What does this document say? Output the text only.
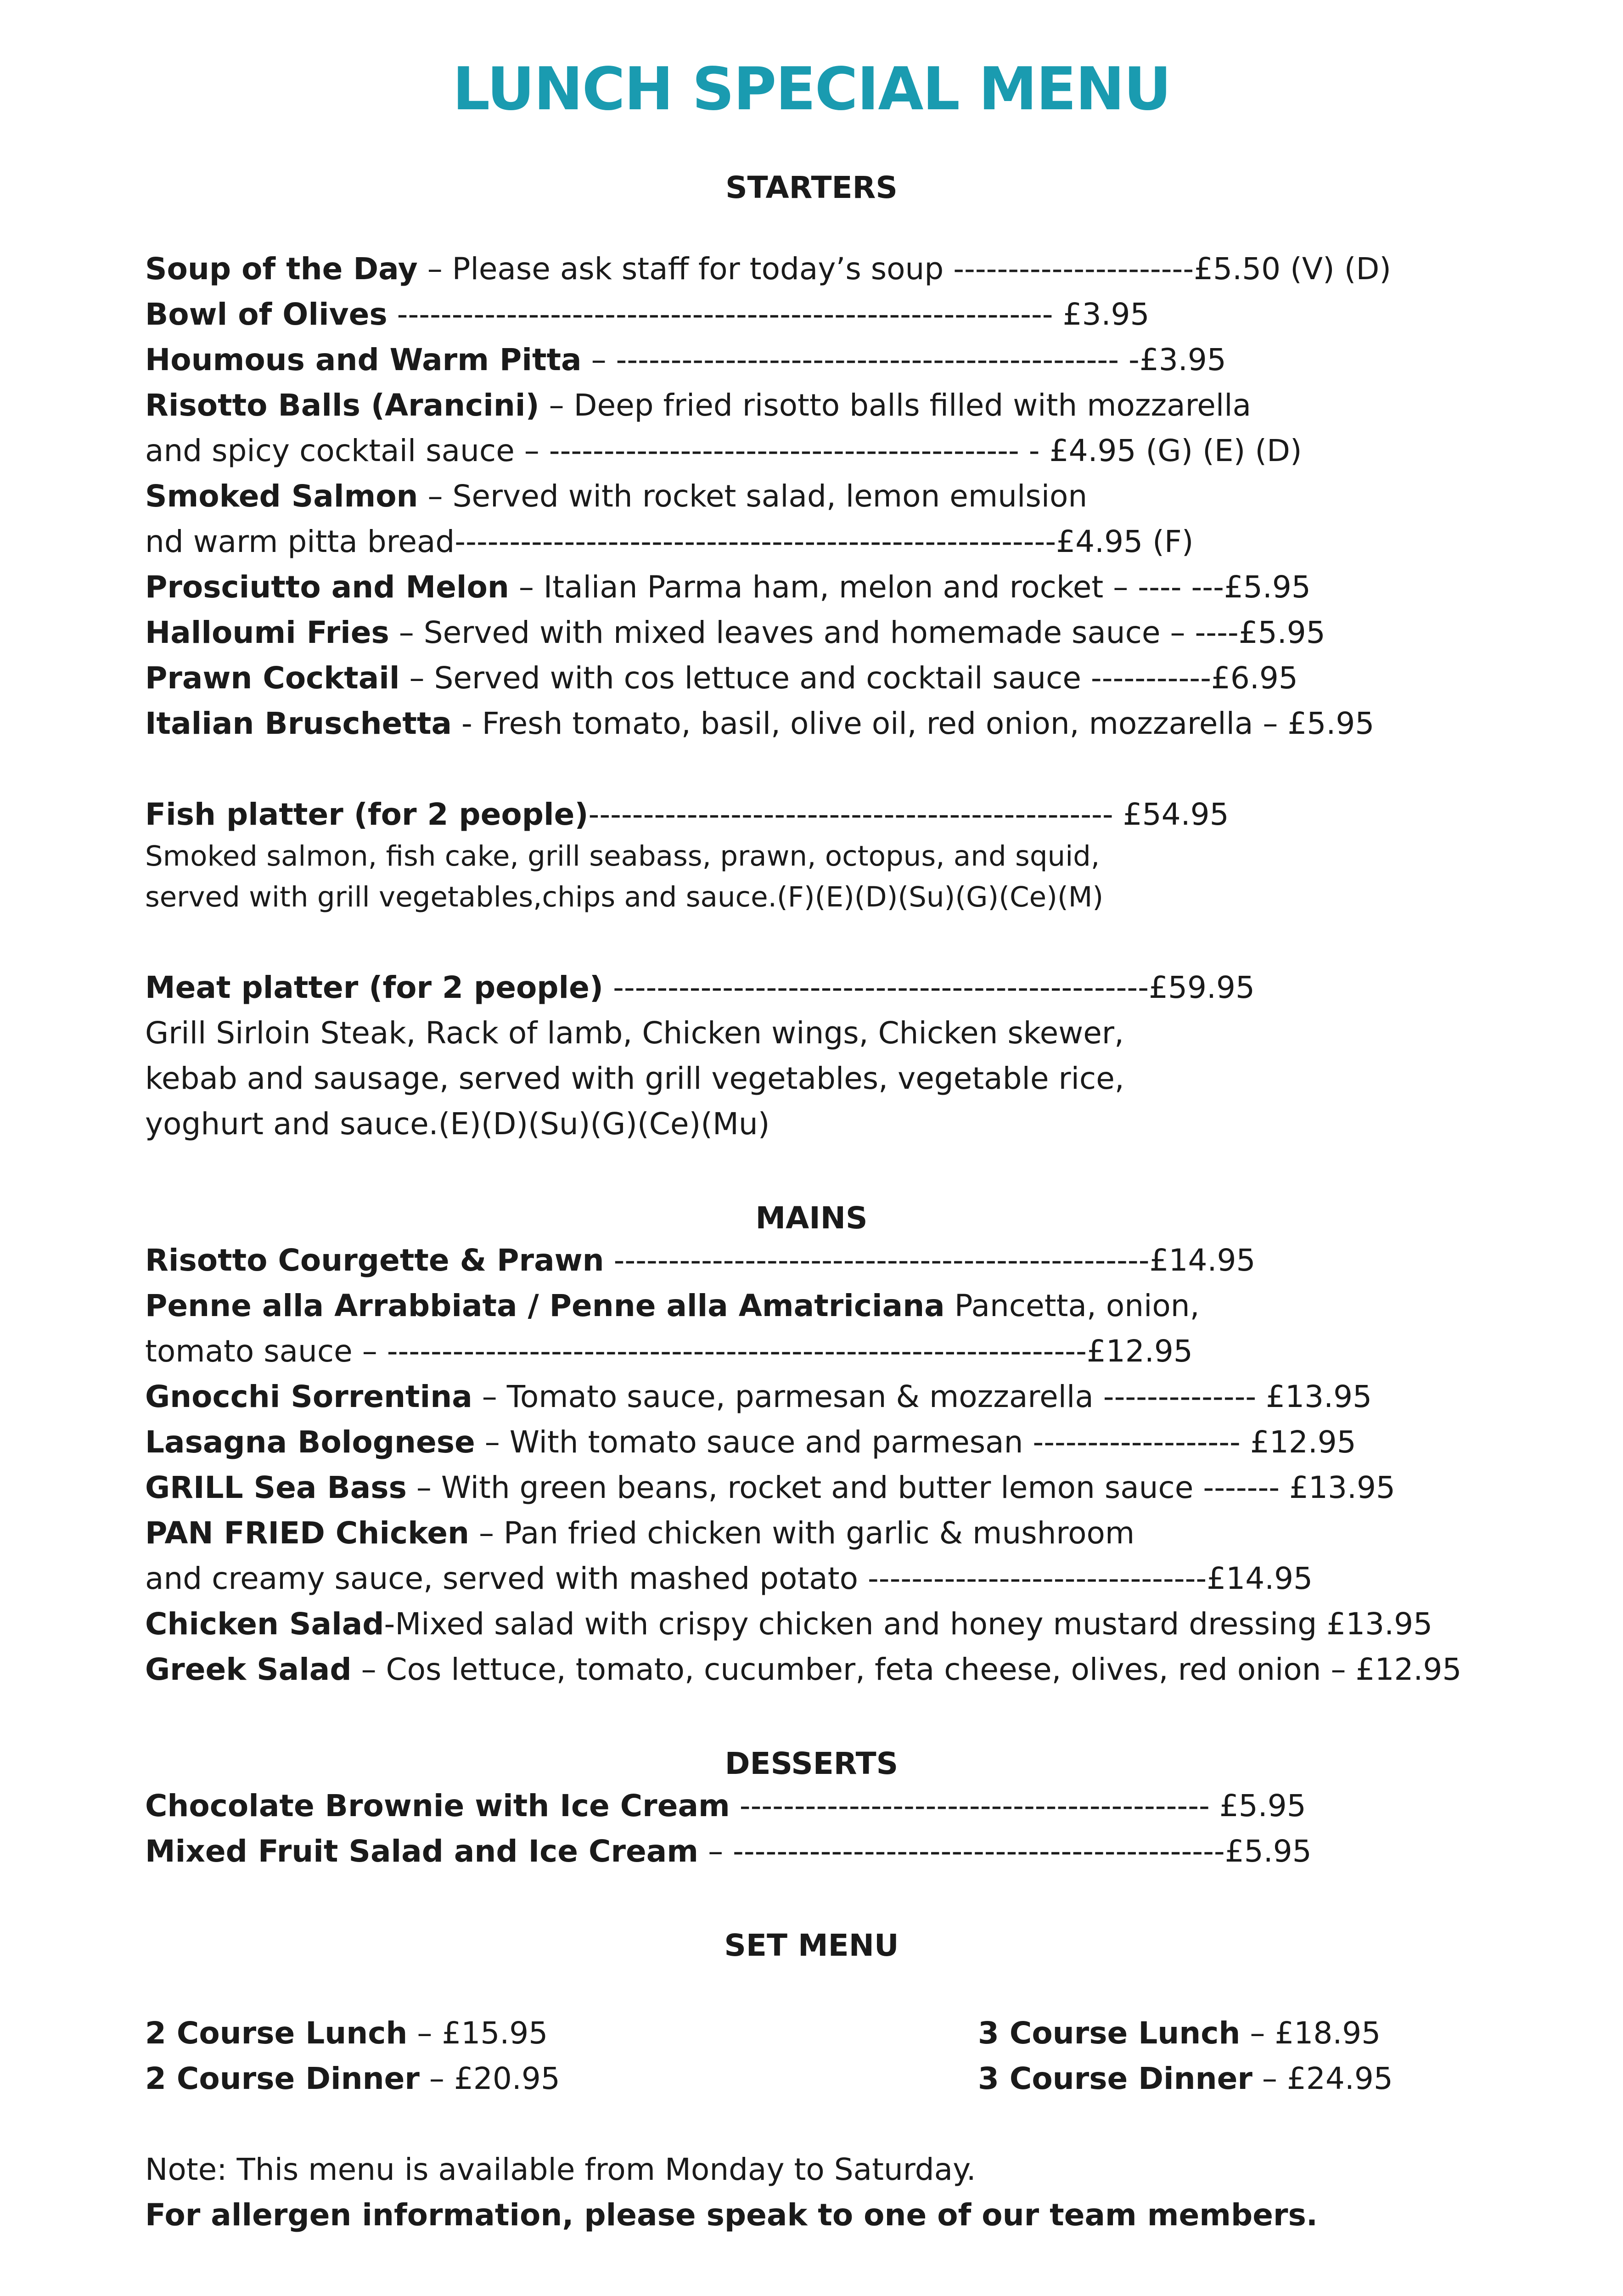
LUNCH SPECIAL MENU
STARTERS
Soup of the Day – Please ask staff for today’s soup ----------------------£5.50 (V) (D)
Bowl of Olives ------------------------------------------------------------ £3.95
Houmous and Warm Pitta – ---------------------------------------------- -£3.95
Risotto Balls (Arancini) – Deep fried risotto balls filled with mozzarella
and spicy cocktail sauce – ------------------------------------------- - £4.95 (G) (E) (D)
Smoked Salmon – Served with rocket salad, lemon emulsion
nd warm pitta bread-------------------------------------------------------£4.95 (F)
Prosciutto and Melon – Italian Parma ham, melon and rocket – ---- ---£5.95
Halloumi Fries – Served with mixed leaves and homemade sauce – ----£5.95
Prawn Cocktail – Served with cos lettuce and cocktail sauce -----------£6.95
Italian Bruschetta - Fresh tomato, basil, olive oil, red onion, mozzarella – £5.95
Fish platter (for 2 people)------------------------------------------------ £54.95
Smoked salmon, fish cake, grill seabass, prawn, octopus, and squid,
served with grill vegetables,chips and sauce.(F)(E)(D)(Su)(G)(Ce)(M)
Meat platter (for 2 people) -------------------------------------------------£59.95
Grill Sirloin Steak, Rack of lamb, Chicken wings, Chicken skewer,
kebab and sausage, served with grill vegetables, vegetable rice,
yoghurt and sauce.(E)(D)(Su)(G)(Ce)(Mu)
MAINS
Risotto Courgette & Prawn -------------------------------------------------£14.95
Penne alla Arrabbiata / Penne alla Amatriciana Pancetta, onion,
tomato sauce – ----------------------------------------------------------------£12.95
Gnocchi Sorrentina – Tomato sauce, parmesan & mozzarella -------------- £13.95
Lasagna Bolognese – With tomato sauce and parmesan ------------------- £12.95
GRILL Sea Bass – With green beans, rocket and butter lemon sauce ------- £13.95
PAN FRIED Chicken – Pan fried chicken with garlic & mushroom
and creamy sauce, served with mashed potato -------------------------------£14.95
Chicken Salad-Mixed salad with crispy chicken and honey mustard dressing £13.95
Greek Salad – Cos lettuce, tomato, cucumber, feta cheese, olives, red onion – £12.95
DESSERTS
Chocolate Brownie with Ice Cream ------------------------------------------- £5.95
Mixed Fruit Salad and Ice Cream – ---------------------------------------------£5.95
SET MENU
2 Course Lunch – £15.95
2 Course Dinner – £20.95
3 Course Lunch – £18.95
3 Course Dinner – £24.95
Note: This menu is available from Monday to Saturday.
For allergen information, please speak to one of our team members.
